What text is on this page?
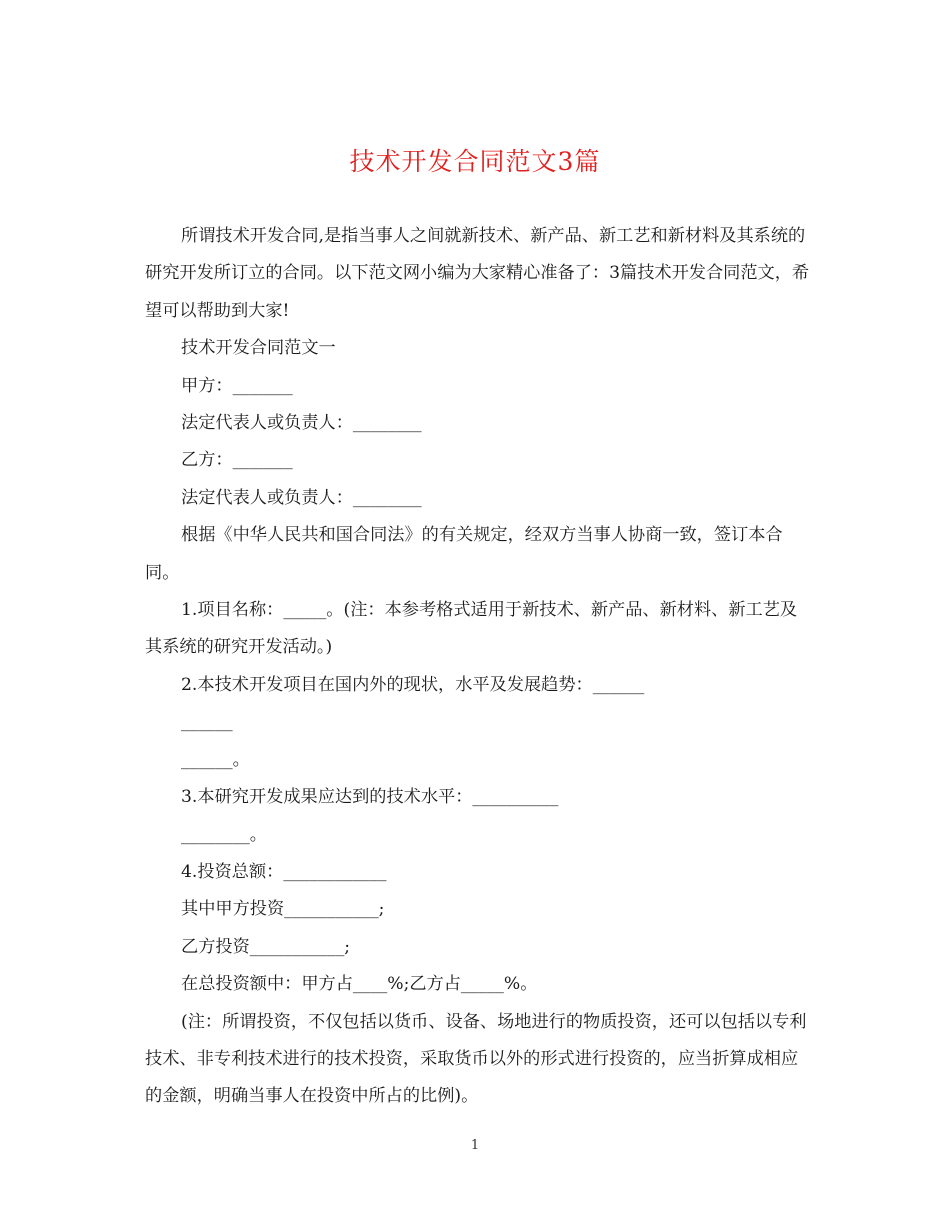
技术开发合同范文3篇

所谓技术开发合同,是指当事人之间就新技术、新产品、新工艺和新材料及其系统的研究开发所订立的合同。以下范文网小编为大家精心准备了：3篇技术开发合同范文，希望可以帮助到大家!

技术开发合同范文一

甲方：_______

法定代表人或负责人：________

乙方：_______

法定代表人或负责人：________

根据《中华人民共和国合同法》的有关规定，经双方当事人协商一致，签订本合同。

1.项目名称：_____。(注：本参考格式适用于新技术、新产品、新材料、新工艺及其系统的研究开发活动。)

2.本技术开发项目在国内外的现状，水平及发展趋势：______

______

______。

3.本研究开发成果应达到的技术水平：__________

________。

4.投资总额：____________

其中甲方投资___________;

乙方投资___________;

在总投资额中：甲方占____%;乙方占_____%。

(注：所谓投资，不仅包括以货币、设备、场地进行的物质投资，还可以包括以专利技术、非专利技术进行的技术投资，采取货币以外的形式进行投资的，应当折算成相应的金额，明确当事人在投资中所占的比例)。

1
